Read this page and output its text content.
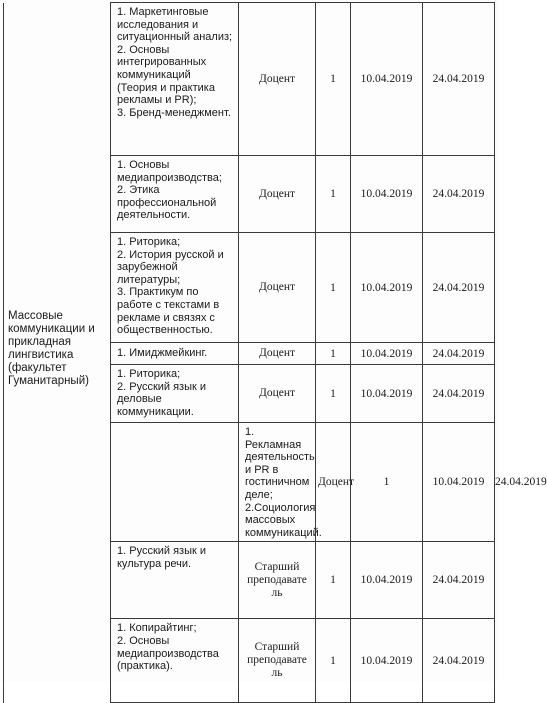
	1. Маркетинговые исследования и ситуационный анализ;
2. Основы интегрированных коммуникаций (Теория и практика рекламы и PR);
3. Бренд-менеджмент.	Доцент	1	10.04.2019	24.04.2019	
Массовые коммуникации и прикладная лингвистика (факультет Гуманитарный)	1. Основы медиапроизводства;
2. Этика профессиональной деятельности.	Доцент	1	10.04.2019	24.04.2019	

	1. Риторика;
2. История русской и зарубежной литературы;
3. Практикум по работе с текстами в рекламе и связях с общественностью.	Доцент	1	10.04.2019	24.04.2019	

	1. Имиджмейкинг.	Доцент	1	10.04.2019	24.04.2019	

	1. Риторика;
2. Русский язык и деловые коммуникации.	Доцент	1	10.04.2019	24.04.2019	

		1. Рекламная деятельность и PR в гостиничном деле;
2.Социология массовых коммуникаций.	Доцент	1	10.04.2019	24.04.2019

	1. Русский язык и культура речи.	Старший преподавате ль	1	10.04.2019	24.04.2019	

	1. Копирайтинг;
2. Основы медиапроизводства (практика).	Старший преподавате ль	1	10.04.2019	24.04.2019	
